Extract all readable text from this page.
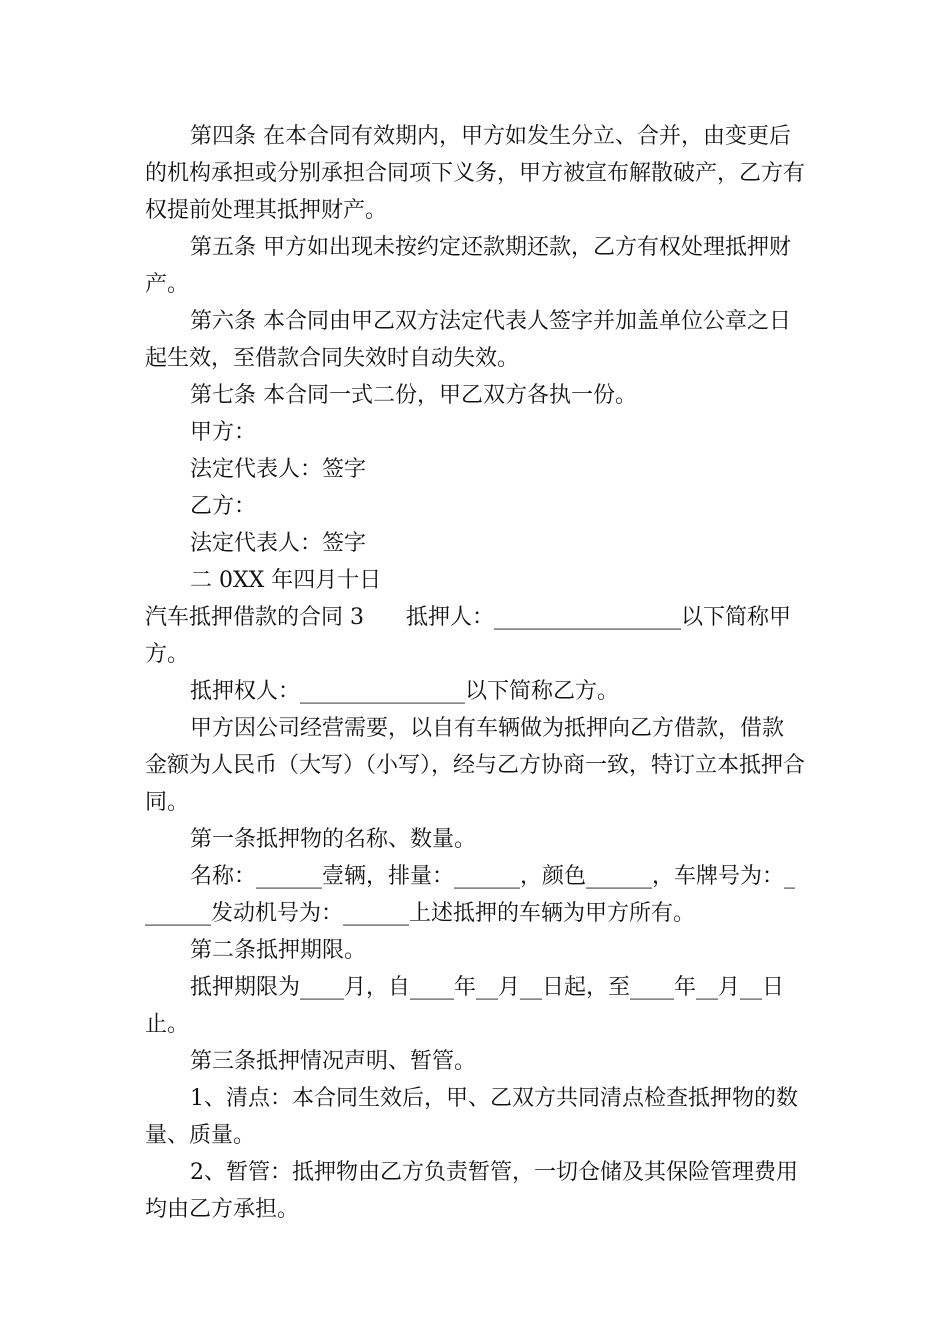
第四条 在本合同有效期内，甲方如发生分立、合并，由变更后的机构承担或分别承担合同项下义务，甲方被宣布解散破产，乙方有权提前处理其抵押财产。

第五条 甲方如出现未按约定还款期还款，乙方有权处理抵押财产。

第六条 本合同由甲乙双方法定代表人签字并加盖单位公章之日起生效，至借款合同失效时自动失效。

第七条 本合同一式二份，甲乙双方各执一份。

甲方：

法定代表人：签字

乙方：

法定代表人：签字

二 0XX 年四月十日

汽车抵押借款的合同 3 抵押人：_________________以下简称甲方。

抵押权人：_______________以下简称乙方。

甲方因公司经营需要，以自有车辆做为抵押向乙方借款，借款金额为人民币（大写）（小写），经与乙方协商一致，特订立本抵押合同。

第一条抵押物的名称、数量。

名称：______壹辆，排量：______，颜色______，车牌号为：_______发动机号为：______上述抵押的车辆为甲方所有。

第二条抵押期限。

抵押期限为____月，自____年__月__日起，至____年__月__日止。

第三条抵押情况声明、暂管。

1、清点：本合同生效后，甲、乙双方共同清点检查抵押物的数量、质量。

2、暂管：抵押物由乙方负责暂管，一切仓储及其保险管理费用均由乙方承担。
